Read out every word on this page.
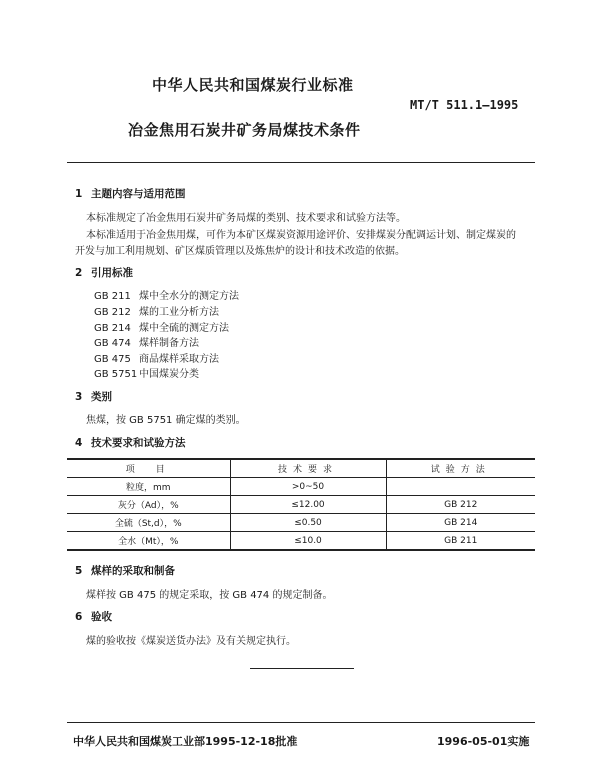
中华人民共和国煤炭行业标准
MT/T 511.1—1995
冶金焦用石炭井矿务局煤技术条件
1 主题内容与适用范围
本标准规定了冶金焦用石炭井矿务局煤的类别、技术要求和试验方法等。
本标准适用于冶金焦用煤，可作为本矿区煤炭资源用途评价、安排煤炭分配调运计划、制定煤炭的
开发与加工利用规划、矿区煤质管理以及炼焦炉的设计和技术改造的依据。
2 引用标准
GB 211 煤中全水分的测定方法
GB 212 煤的工业分析方法
GB 214 煤中全硫的测定方法
GB 474 煤样制备方法
GB 475 商品煤样采取方法
GB 5751 中国煤炭分类
3 类别
焦煤，按 GB 5751 确定煤的类别。
4 技术要求和试验方法
项　目	技术要求	试验方法
粒度，mm	>0~50	
灰分（Ad），%	≤12.00	GB 212
全硫（St,d），%	≤0.50	GB 214
全水（Mt），%	≤10.0	GB 211
5 煤样的采取和制备
煤样按 GB 475 的规定采取，按 GB 474 的规定制备。
6 验收
煤的验收按《煤炭送货办法》及有关规定执行。
中华人民共和国煤炭工业部1995-12-18批准	1996-05-01实施
